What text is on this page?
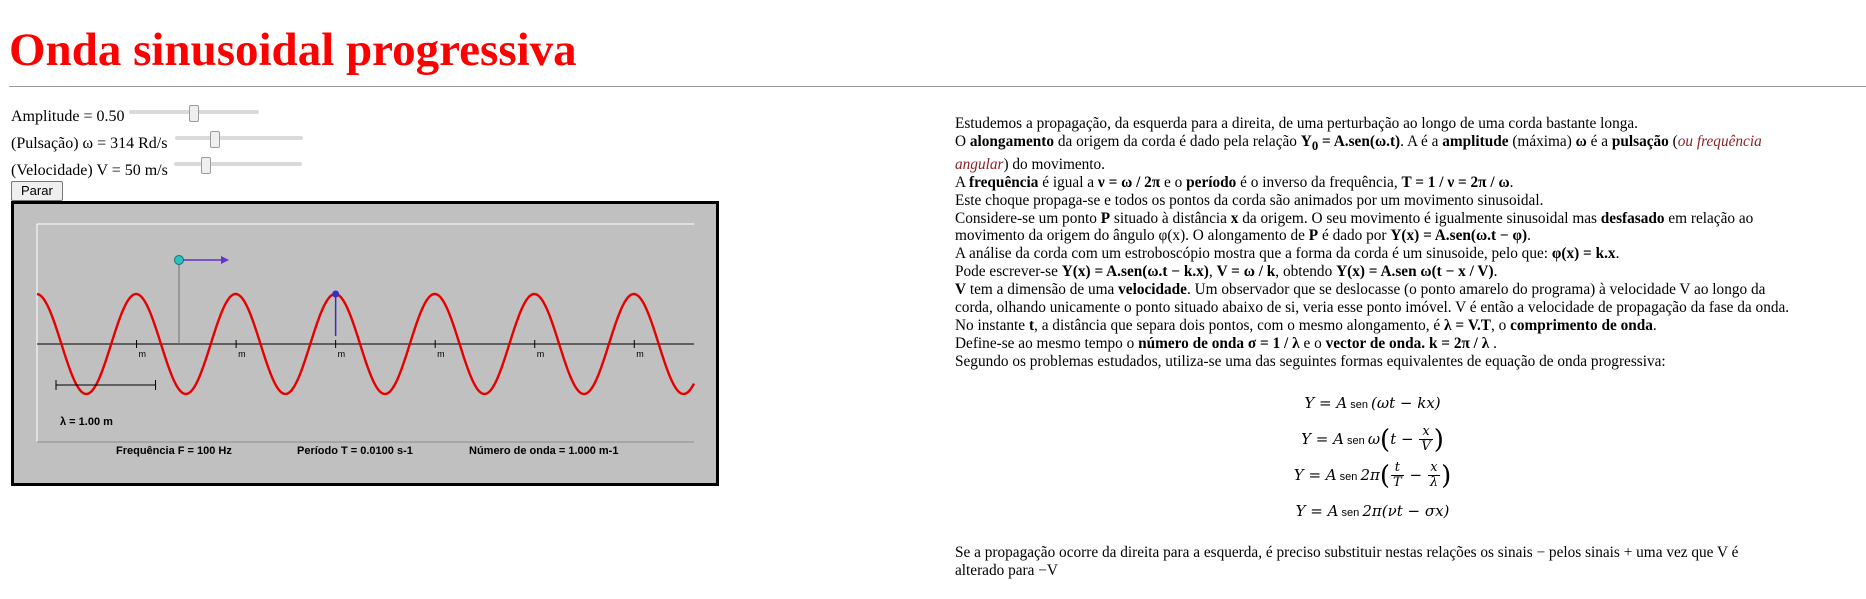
Onda sinusoidal progressiva
Amplitude = 0.50
(Pulsação) ω = 314 Rd/s
(Velocidade) V = 50 m/s
Parar
m	m	m	m	m	m
λ = 1.00 m
Frequência F = 100 Hz	Período T = 0.0100 s-1	Número de onda = 1.000 m-1

Estudemos a propagação, da esquerda para a direita, de uma perturbação ao longo de uma corda bastante longa.

O alongamento da origem da corda é dado pela relação $Y_0 = A.sen(\omega.t)$. A é a amplitude (máxima) ω é a pulsação (ou frequência angular) do movimento.

A frequência é igual a ν = ω / 2π e o período é o inverso da frequência, T = 1 / ν = 2π / ω.

Este choque propaga-se e todos os pontos da corda são animados por um movimento sinusoidal.

Considere-se um ponto P situado à distância x da origem. O seu movimento é igualmente sinusoidal mas desfasado em relação ao movimento da origem do ângulo φ(x). O alongamento de P é dado por Y(x) = A.sen(ω.t − φ).

A análise da corda com um estroboscópio mostra que a forma da corda é um sinusoide, pelo que: φ(x) = k.x.

Pode escrever-se Y(x) = A.sen(ω.t − k.x), V = ω / k, obtendo Y(x) = A.sen ω(t − x / V).

V tem a dimensão de uma velocidade. Um observador que se deslocasse (o ponto amarelo do programa) à velocidade V ao longo da corda, olhando unicamente o ponto situado abaixo de si, veria esse ponto imóvel. V é então a velocidade de propagação da fase da onda.

No instante t, a distância que separa dois pontos, com o mesmo alongamento, é λ = V.T, o comprimento de onda.

Define-se ao mesmo tempo o número de onda σ = 1 / λ e o vector de onda. k = 2π / λ .

Segundo os problemas estudados, utiliza-se uma das seguintes formas equivalentes de equação de onda progressiva:

Y = A sen (ωt − kx)
Y = A sen $\omega(t - \frac{x}{V}$ )
Y = A sen $2\pi( \frac{t}{T} - \frac{x}{\lambda}$ )
Y = A sen 2π(νt − σx)

Se a propagação ocorre da direita para a esquerda, é preciso substituir nestas relações os sinais − pelos sinais + uma vez que V é alterado para −V
